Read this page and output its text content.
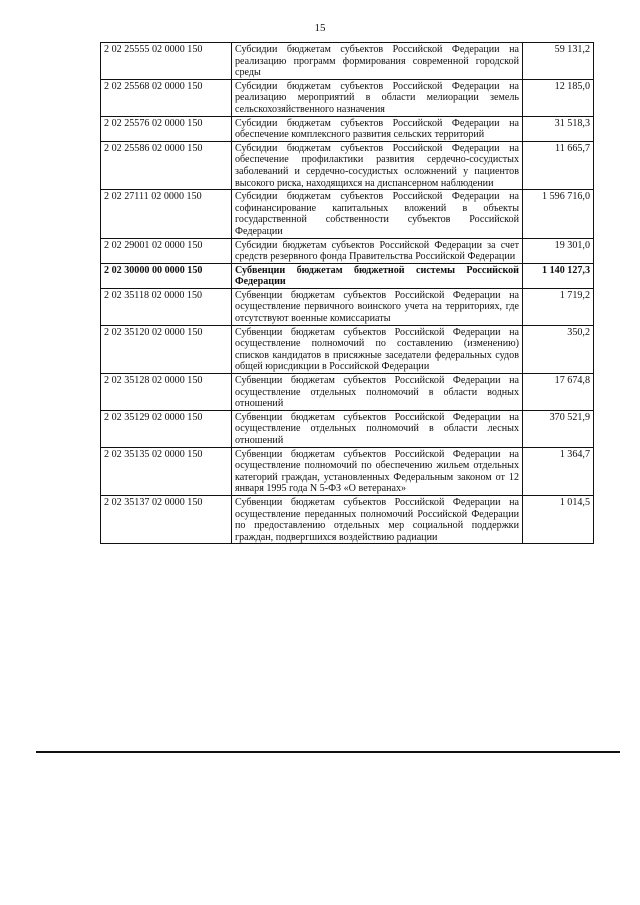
15
2 02 25555 02 0000 150	Субсидии бюджетам субъектов Российской Федерации на реализацию программ формирования современной городской среды	59 131,2
2 02 25568 02 0000 150	Субсидии бюджетам субъектов Российской Федерации на реализацию мероприятий в области мелиорации земель сельскохозяйственного назначения	12 185,0
2 02 25576 02 0000 150	Субсидии бюджетам субъектов Российской Федерации на обеспечение комплексного развития сельских территорий	31 518,3
2 02 25586 02 0000 150	Субсидии бюджетам субъектов Российской Федерации на обеспечение профилактики развития сердечно-сосудистых заболеваний и сердечно-сосудистых осложнений у пациентов высокого риска, находящихся на диспансерном наблюдении	11 665,7
2 02 27111 02 0000 150	Субсидии бюджетам субъектов Российской Федерации на софинансирование капитальных вложений в объекты государственной собственности субъектов Российской Федерации	1 596 716,0
2 02 29001 02 0000 150	Субсидии бюджетам субъектов Российской Федерации за счет средств резервного фонда Правительства Российской Федерации	19 301,0
2 02 30000 00 0000 150	Субвенции бюджетам бюджетной системы Российской Федерации	1 140 127,3
2 02 35118 02 0000 150	Субвенции бюджетам субъектов Российской Федерации на осуществление первичного воинского учета на территориях, где отсутствуют военные комиссариаты	1 719,2
2 02 35120 02 0000 150	Субвенции бюджетам субъектов Российской Федерации на осуществление полномочий по составлению (изменению) списков кандидатов в присяжные заседатели федеральных судов общей юрисдикции в Российской Федерации	350,2
2 02 35128 02 0000 150	Субвенции бюджетам субъектов Российской Федерации на осуществление отдельных полномочий в области водных отношений	17 674,8
2 02 35129 02 0000 150	Субвенции бюджетам субъектов Российской Федерации на осуществление отдельных полномочий в области лесных отношений	370 521,9
2 02 35135 02 0000 150	Субвенции бюджетам субъектов Российской Федерации на осуществление полномочий по обеспечению жильем отдельных категорий граждан, установленных Федеральным законом от 12 января 1995 года N 5-ФЗ «О ветеранах»	1 364,7
2 02 35137 02 0000 150	Субвенции бюджетам субъектов Российской Федерации на осуществление переданных полномочий Российской Федерации по предоставлению отдельных мер социальной поддержки граждан, подвергшихся воздействию радиации	1 014,5
